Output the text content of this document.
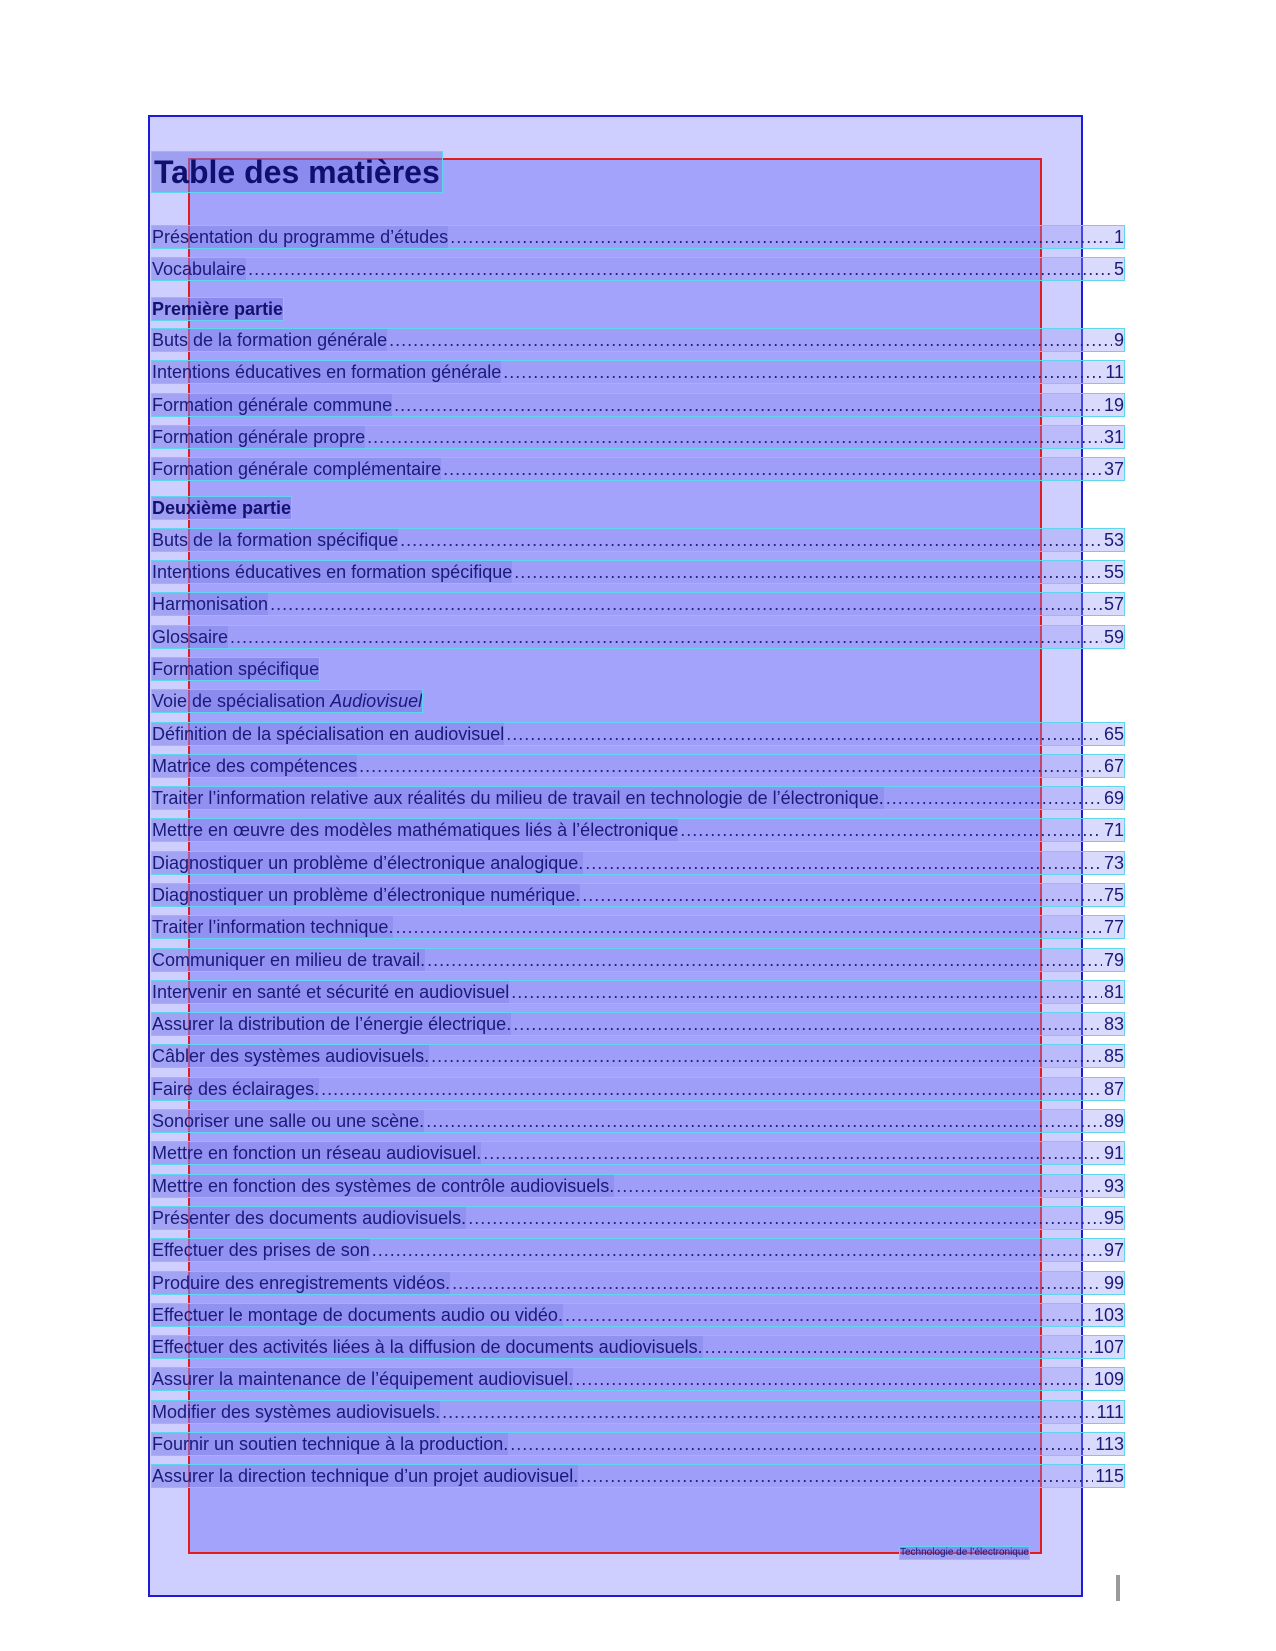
Table des matières
Présentation du programme d’études .....	1
Vocabulaire .....	5
Première partie
Buts de la formation générale .....	9
Intentions éducatives en formation générale .....	11
Formation générale commune .....	19
Formation générale propre .....	31
Formation générale complémentaire .....	37
Deuxième partie
Buts de la formation spécifique .....	53
Intentions éducatives en formation spécifique .....	55
Harmonisation .....	57
Glossaire .....	59
Formation spécifique
Voie de spécialisation Audiovisuel
Définition de la spécialisation en audiovisuel .....	65
Matrice des compétences .....	67
Traiter l’information relative aux réalités du milieu de travail en technologie de l’électronique. .....	69
Mettre en œuvre des modèles mathématiques liés à l’électronique .....	71
Diagnostiquer un problème d’électronique analogique. .....	73
Diagnostiquer un problème d’électronique numérique. .....	75
Traiter l’information technique. .....	77
Communiquer en milieu de travail. .....	79
Intervenir en santé et sécurité en audiovisuel .....	81
Assurer la distribution de l’énergie électrique. .....	83
Câbler des systèmes audiovisuels. .....	85
Faire des éclairages. .....	87
Sonoriser une salle ou une scène. .....	89
Mettre en fonction un réseau audiovisuel. .....	91
Mettre en fonction des systèmes de contrôle audiovisuels. .....	93
Présenter des documents audiovisuels. .....	95
Effectuer des prises de son .....	97
Produire des enregistrements vidéos. .....	99
Effectuer le montage de documents audio ou vidéo. .....	103
Effectuer des activités liées à la diffusion de documents audiovisuels. .....	107
Assurer la maintenance de l’équipement audiovisuel. .....	109
Modifier des systèmes audiovisuels. .....	111
Fournir un soutien technique à la production. .....	113
Assurer la direction technique d’un projet audiovisuel. .....	115
Technologie de l’électronique
